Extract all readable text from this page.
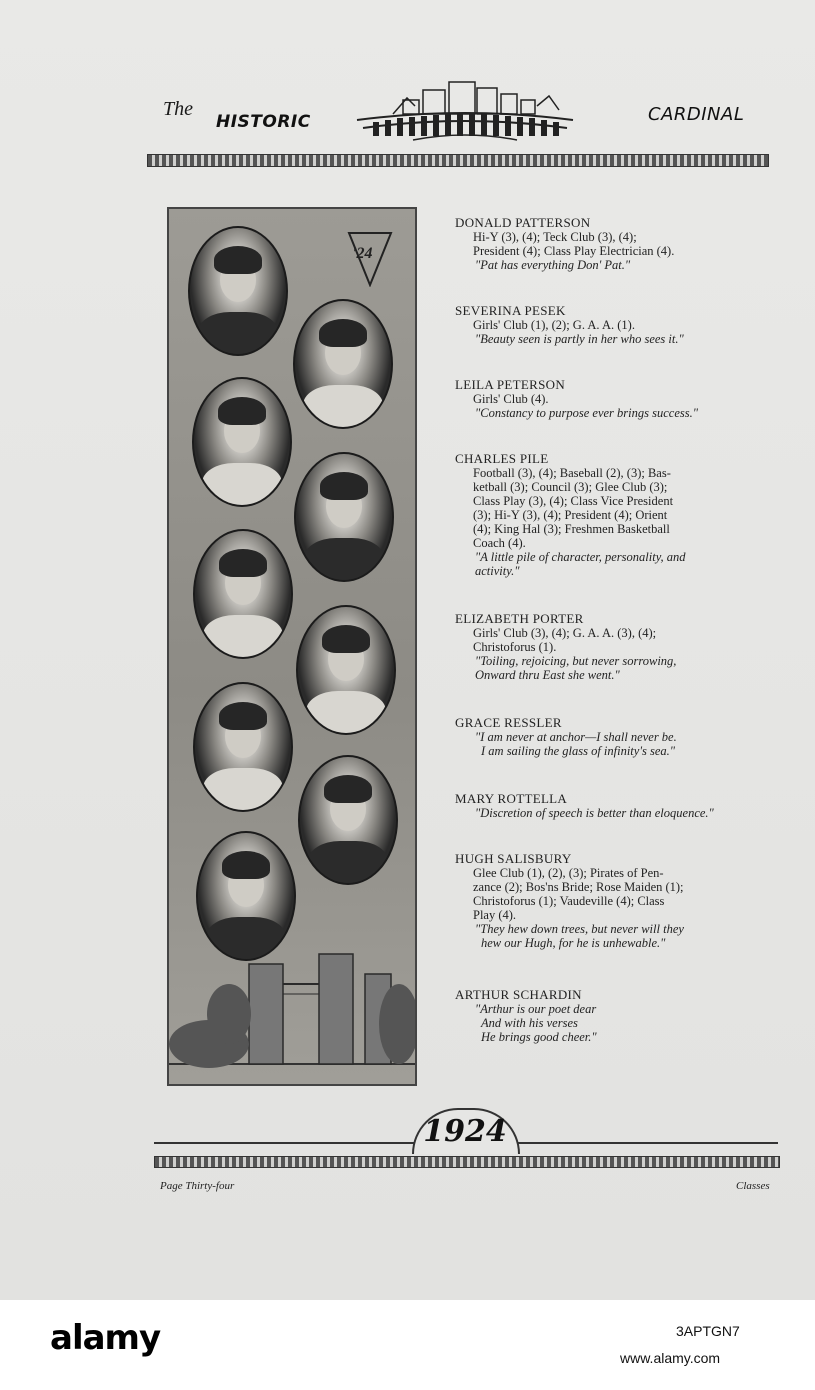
The
HISTORIC	CARDINAL
'24
DONALD PATTERSON
Hi-Y (3), (4); Teck Club (3), (4);
President (4); Class Play Electrician (4).
"Pat has everything Don' Pat."
SEVERINA PESEK
Girls' Club (1), (2); G. A. A. (1).
"Beauty seen is partly in her who sees it."
LEILA PETERSON
Girls' Club (4).
"Constancy to purpose ever brings success."
CHARLES PILE
Football (3), (4); Baseball (2), (3); Bas-
ketball (3); Council (3); Glee Club (3);
Class Play (3), (4); Class Vice President
(3); Hi-Y (3), (4); President (4); Orient
(4); King Hal (3); Freshmen Basketball
Coach (4).
"A little pile of character, personality, and
activity."
ELIZABETH PORTER
Girls' Club (3), (4); G. A. A. (3), (4);
Christoforus (1).
"Toiling, rejoicing, but never sorrowing,
Onward thru East she went."
GRACE RESSLER
"I am never at anchor—I shall never be.
I am sailing the glass of infinity's sea."
MARY ROTTELLA
"Discretion of speech is better than eloquence."
HUGH SALISBURY
Glee Club (1), (2), (3); Pirates of Pen-
zance (2); Bos'ns Bride; Rose Maiden (1);
Christoforus (1); Vaudeville (4); Class
Play (4).
"They hew down trees, but never will they
hew our Hugh, for he is unhewable."
ARTHUR SCHARDIN
"Arthur is our poet dear
And with his verses
He brings good cheer."
1924
Page Thirty-four	Classes
alamy	3APTGN7
www.alamy.com
